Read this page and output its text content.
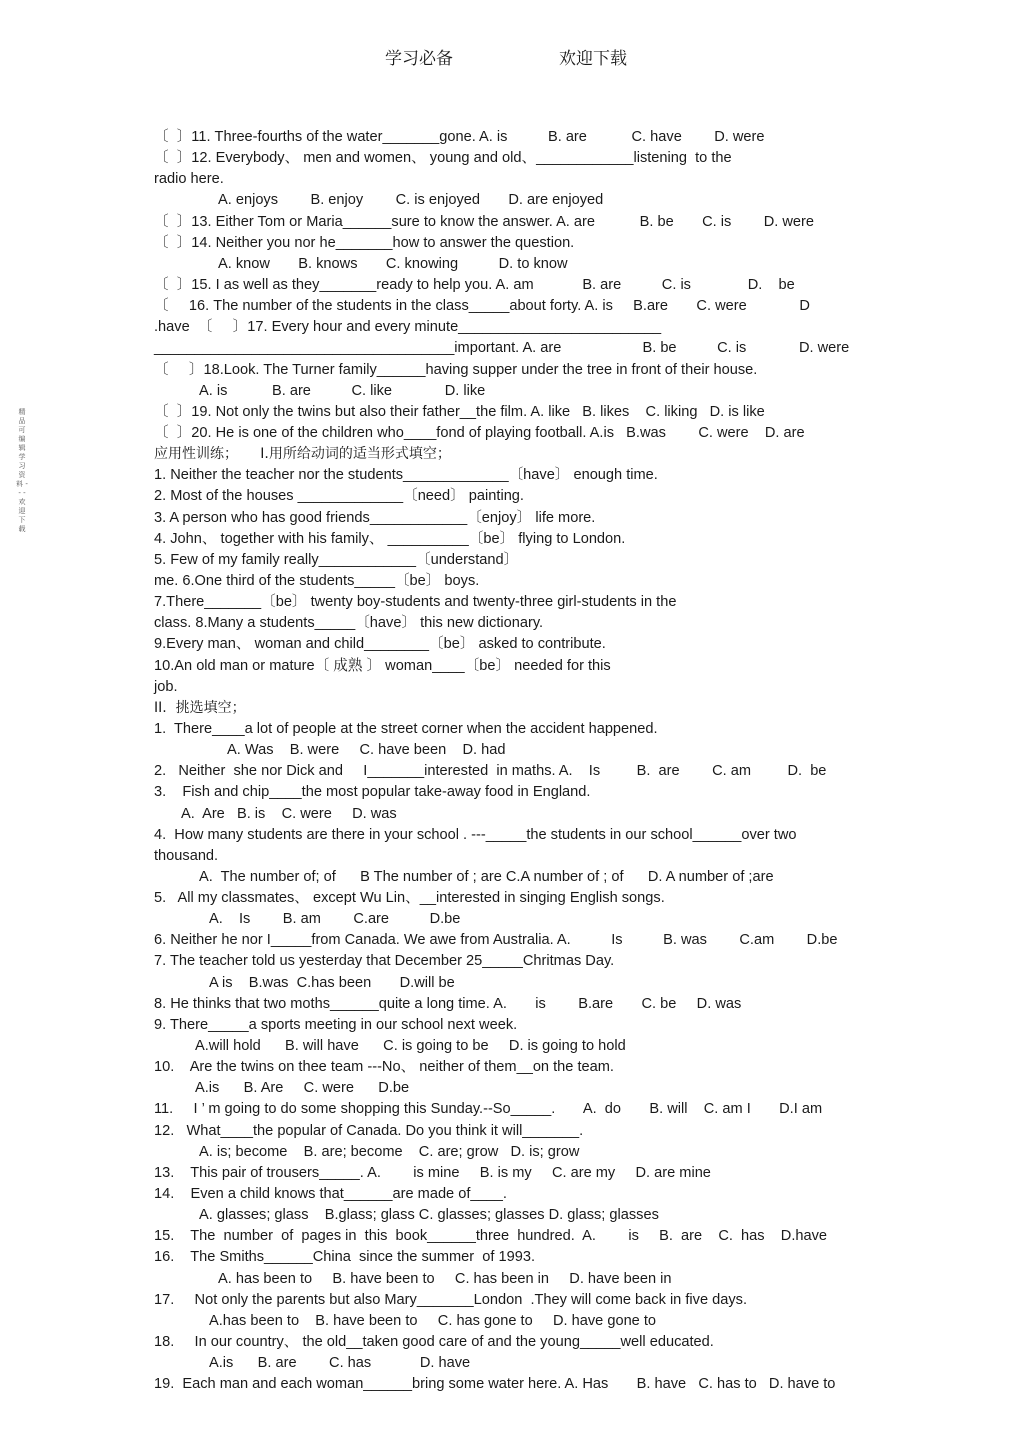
学习必备	欢迎下载
精品可编辑学习资料 - - - 欢迎下载
〔  〕11. Three-fourths of the water_______gone. A. is          B. are           C. have        D. were
〔  〕12. Everybody、 men and women、 young and old、____________listening  to the
radio here.
A. enjoys        B. enjoy        C. is enjoyed       D. are enjoyed
〔  〕13. Either Tom or Maria______sure to know the answer. A. are           B. be       C. is        D. were
〔  〕14. Neither you nor he_______how to answer the question.
A. know       B. knows       C. knowing          D. to know
〔  〕15. I as well as they_______ready to help you. A. am            B. are          C. is              D.    be
〔     16. The number of the students in the class_____about forty. A. is     B.are       C. were             D
.have  〔     〕17. Every hour and every minute_________________________
_____________________________________important. A. are                    B. be          C. is             D. were
〔     〕18.Look. The Turner family______having supper under the tree in front of their house.
A. is           B. are          C. like             D. like
〔  〕19. Not only the twins but also their father__the film. A. like   B. likes    C. liking   D. is like
〔  〕20. He is one of the children who____fond of playing football. A.is   B.was        C. were    D. are
应用性训练；     I.用所给动词的适当形式填空；
1. Neither the teacher nor the students_____________〔have〕 enough time.
2. Most of the houses _____________〔need〕 painting.
3. A person who has good friends____________〔enjoy〕 life more.
4. John、 together with his family、 __________〔be〕 flying to London.
5. Few of my family really____________〔understand〕
me. 6.One third of the students_____〔be〕 boys.
7.There_______〔be〕 twenty boy-students and twenty-three girl-students in the
class. 8.Many a students_____〔have〕 this new dictionary.
9.Every man、 woman and child________〔be〕 asked to contribute.
10.An old man or mature〔 成熟 〕 woman____〔be〕 needed for this
job.
II.  挑选填空；
1.  There____a lot of people at the street corner when the accident happened.
A. Was    B. were     C. have been    D. had
2.   Neither  she nor Dick and     I_______interested  in maths. A.    Is         B.  are        C. am         D.  be
3.    Fish and chip____the most popular take-away food in England.
A.  Are   B. is    C. were     D. was
4.  How many students are there in your school . ---_____the students in our school______over two
thousand.
A.  The number of; of      B The number of ; are C.A number of ; of      D. A number of ;are
5.   All my classmates、 except Wu Lin、__interested in singing English songs.
A.    Is        B. am        C.are          D.be
6. Neither he nor I_____from Canada. We awe from Australia. A.          Is          B. was        C.am        D.be
7. The teacher told us yesterday that December 25_____Chritmas Day.
A is    B.was  C.has been       D.will be
8. He thinks that two moths______quite a long time. A.       is        B.are       C. be     D. was
9. There_____a sports meeting in our school next week.
A.will hold      B. will have      C. is going to be     D. is going to hold
10.    Are the twins on thee team ---No、 neither of them__on the team.
A.is      B. Are     C. were      D.be
11.     I ’ m going to do some shopping this Sunday.--So_____.       A.  do       B. will    C. am I       D.I am
12.   What____the popular of Canada. Do you think it will_______.
A. is; become    B. are; become    C. are; grow   D. is; grow
13.    This pair of trousers_____. A.        is mine     B. is my     C. are my     D. are mine
14.    Even a child knows that______are made of____.
A. glasses; glass    B.glass; glass C. glasses; glasses D. glass; glasses
15.    The  number  of  pages in  this  book______three  hundred.  A.        is     B.  are    C.  has    D.have
16.    The Smiths______China  since the summer  of 1993.
A. has been to     B. have been to     C. has been in     D. have been in
17.     Not only the parents but also Mary_______London  .They will come back in five days.
A.has been to    B. have been to     C. has gone to     D. have gone to
18.     In our country、 the old__taken good care of and the young_____well educated.
A.is      B. are        C. has            D. have
19.  Each man and each woman______bring some water here. A. Has       B. have   C. has to   D. have to
